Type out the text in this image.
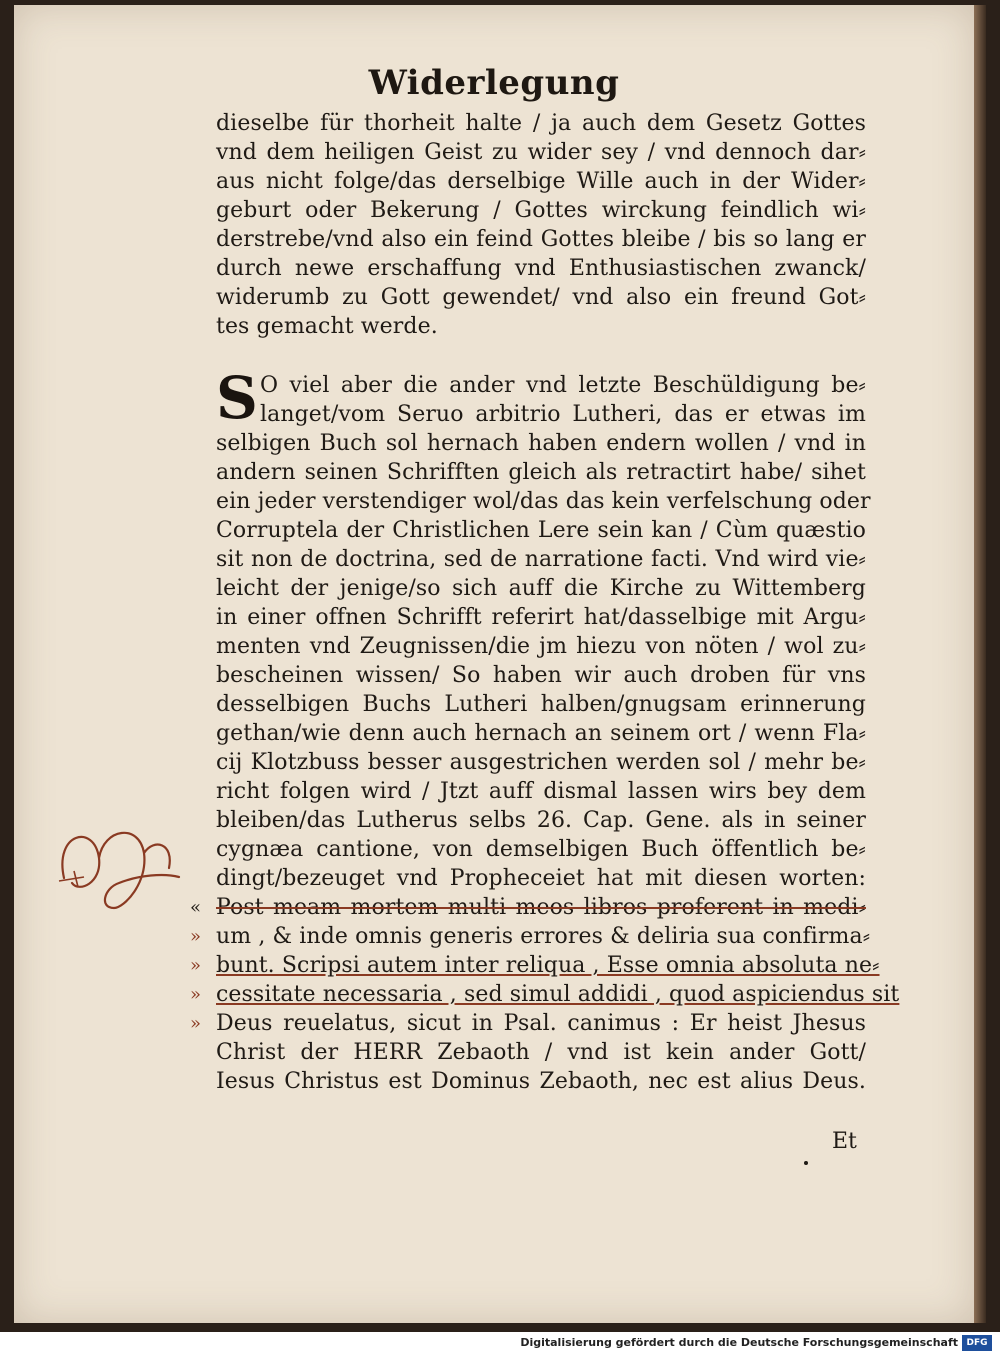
Widerlegung
dieselbe für thorheit halte / ja auch dem Gesetz Gottes
vnd dem heiligen Geist zu wider sey / vnd dennoch dar⸗
aus nicht folge/das derselbige Wille auch in der Wider⸗
geburt oder Bekerung / Gottes wirckung feindlich wi⸗
derstrebe/vnd also ein feind Gottes bleibe / bis so lang er
durch newe erschaffung vnd Enthusiastischen zwanck/
widerumb zu Gott gewendet/ vnd also ein freund Got⸗
tes gemacht werde.
S O viel aber die ander vnd letzte Beschüldigung be⸗
langet/vom Seruo arbitrio Lutheri, das er etwas im
selbigen Buch sol hernach haben endern wollen / vnd in
andern seinen Schrifften gleich als retractirt habe/ sihet
ein jeder verstendiger wol/das das kein verfelschung oder
Corruptela der Christlichen Lere sein kan / Cùm quæstio
sit non de doctrina, sed de narratione facti. Vnd wird vie⸗
leicht der jenige/so sich auff die Kirche zu Wittemberg
in einer offnen Schrifft referirt hat/dasselbige mit Argu⸗
menten vnd Zeugnissen/die jm hiezu von nöten / wol zu⸗
bescheinen wissen/ So haben wir auch droben für vns
desselbigen Buchs Lutheri halben/gnugsam erinnerung
gethan/wie denn auch hernach an seinem ort / wenn Fla⸗
cij Klotzbuss besser ausgestrichen werden sol / mehr be⸗
richt folgen wird / Jtzt auff dismal lassen wirs bey dem
bleiben/das Lutherus selbs 26. Cap. Gene. als in seiner
cygnæa cantione, von demselbigen Buch öffentlich be⸗
dingt/bezeuget vnd Propheceiet hat mit diesen worten:
« Post meam mortem multi meos libros proferent in medi⸗
» um , & inde omnis generis errores & deliria sua confirma⸗
» bunt. Scripsi autem inter reliqua , Esse omnia absoluta ne⸗
» cessitate necessaria , sed simul addidi , quod aspiciendus sit
» Deus reuelatus, sicut in Psal. canimus : Er heist Jhesus
Christ der HERR Zebaoth / vnd ist kein ander Gott/
Iesus Christus est Dominus Zebaoth, nec est alius Deus.
Et
Digitalisierung gefördert durch die Deutsche Forschungsgemeinschaft DFG
